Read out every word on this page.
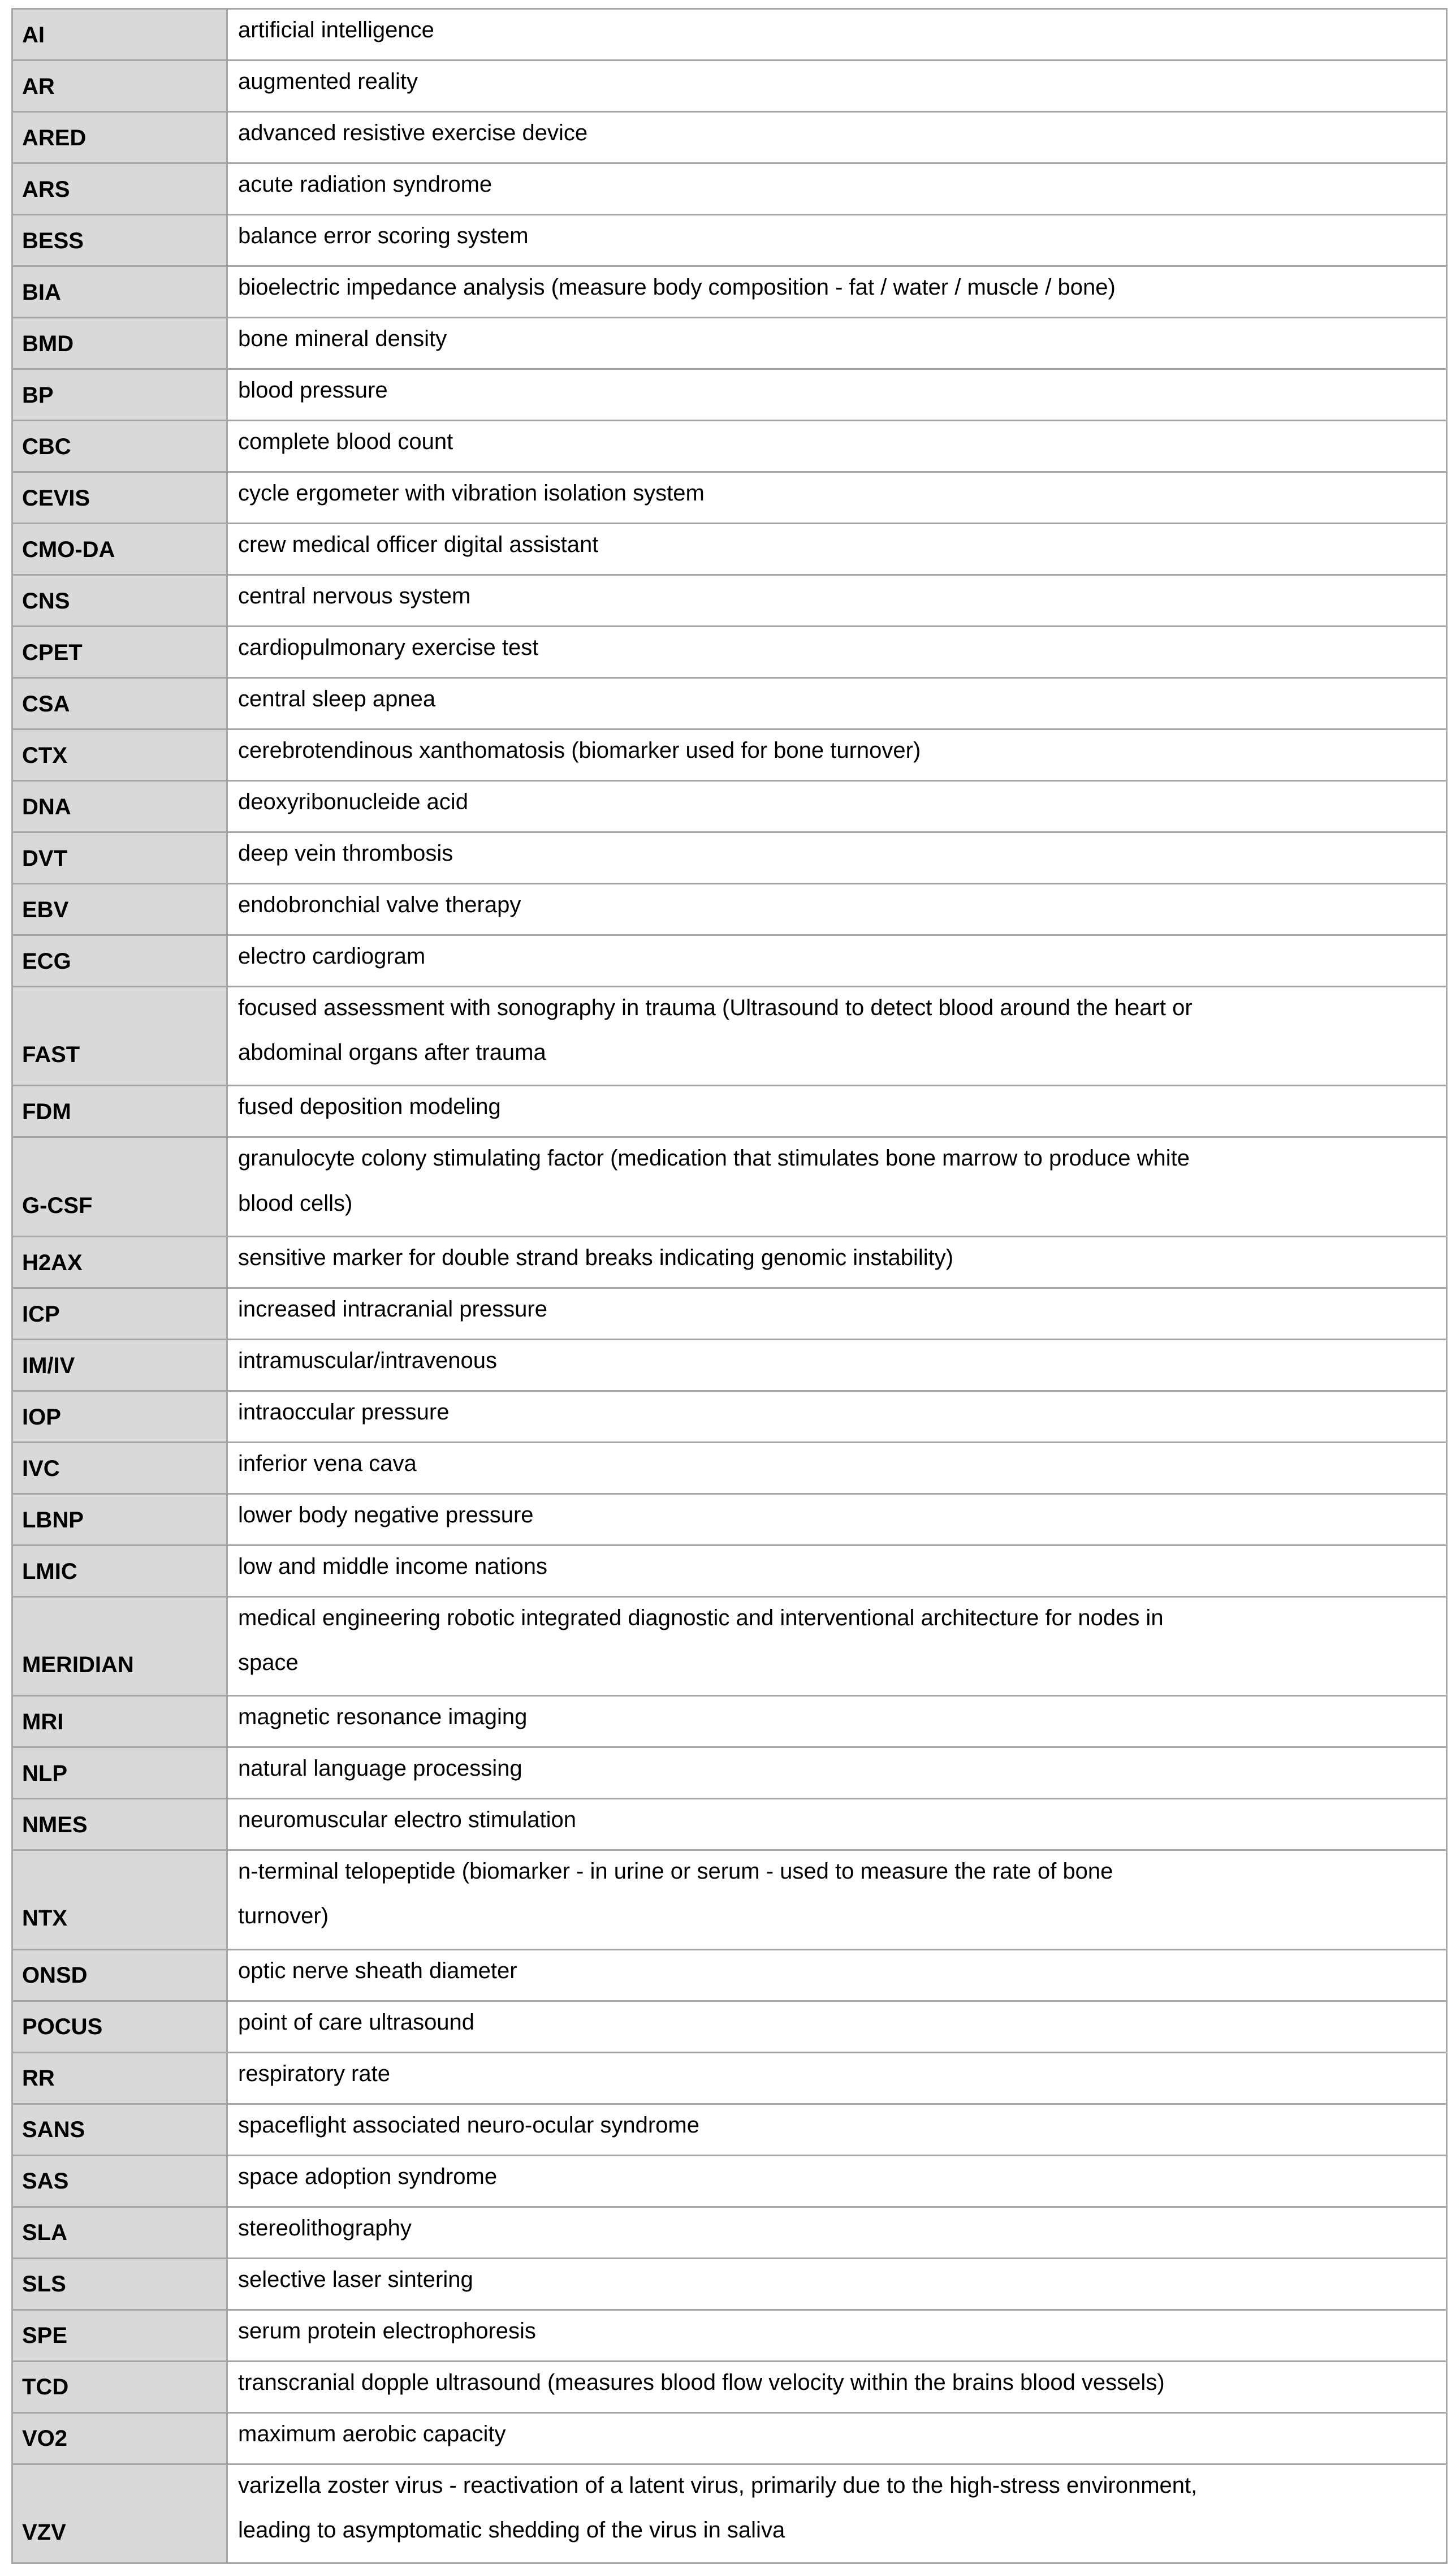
AI	artificial intelligence

AR	augmented reality

ARED	advanced resistive exercise device

ARS	acute radiation syndrome

BESS	balance error scoring system

BIA	bioelectric impedance analysis (measure body composition - fat / water / muscle / bone)

BMD	bone mineral density

BP	blood pressure

CBC	complete blood count

CEVIS	cycle ergometer with vibration isolation system

CMO-DA	crew medical officer digital assistant

CNS	central nervous system

CPET	cardiopulmonary exercise test

CSA	central sleep apnea

CTX	cerebrotendinous xanthomatosis (biomarker used for bone turnover)

DNA	deoxyribonucleide acid

DVT	deep vein thrombosis

EBV	endobronchial valve therapy

ECG	electro cardiogram

FAST	focused assessment with sonography in trauma (Ultrasound to detect blood around the heart or
abdominal organs after trauma

FDM	fused deposition modeling

G-CSF	granulocyte colony stimulating factor (medication that stimulates bone marrow to produce white
blood cells)

H2AX	sensitive marker for double strand breaks indicating genomic instability)

ICP	increased intracranial pressure

IM/IV	intramuscular/intravenous

IOP	intraoccular pressure

IVC	inferior vena cava

LBNP	lower body negative pressure

LMIC	low and middle income nations

MERIDIAN	medical engineering robotic integrated diagnostic and interventional architecture for nodes in
space

MRI	magnetic resonance imaging

NLP	natural language processing

NMES	neuromuscular electro stimulation

NTX	n-terminal telopeptide (biomarker - in urine or serum - used to measure the rate of bone
turnover)

ONSD	optic nerve sheath diameter

POCUS	point of care ultrasound

RR	respiratory rate

SANS	spaceflight associated neuro-ocular syndrome

SAS	space adoption syndrome

SLA	stereolithography

SLS	selective laser sintering

SPE	serum protein electrophoresis

TCD	transcranial dopple ultrasound (measures blood flow velocity within the brains blood vessels)

VO2	maximum aerobic capacity

VZV	varizella zoster virus - reactivation of a latent virus, primarily due to the high-stress environment,
leading to asymptomatic shedding of the virus in saliva
